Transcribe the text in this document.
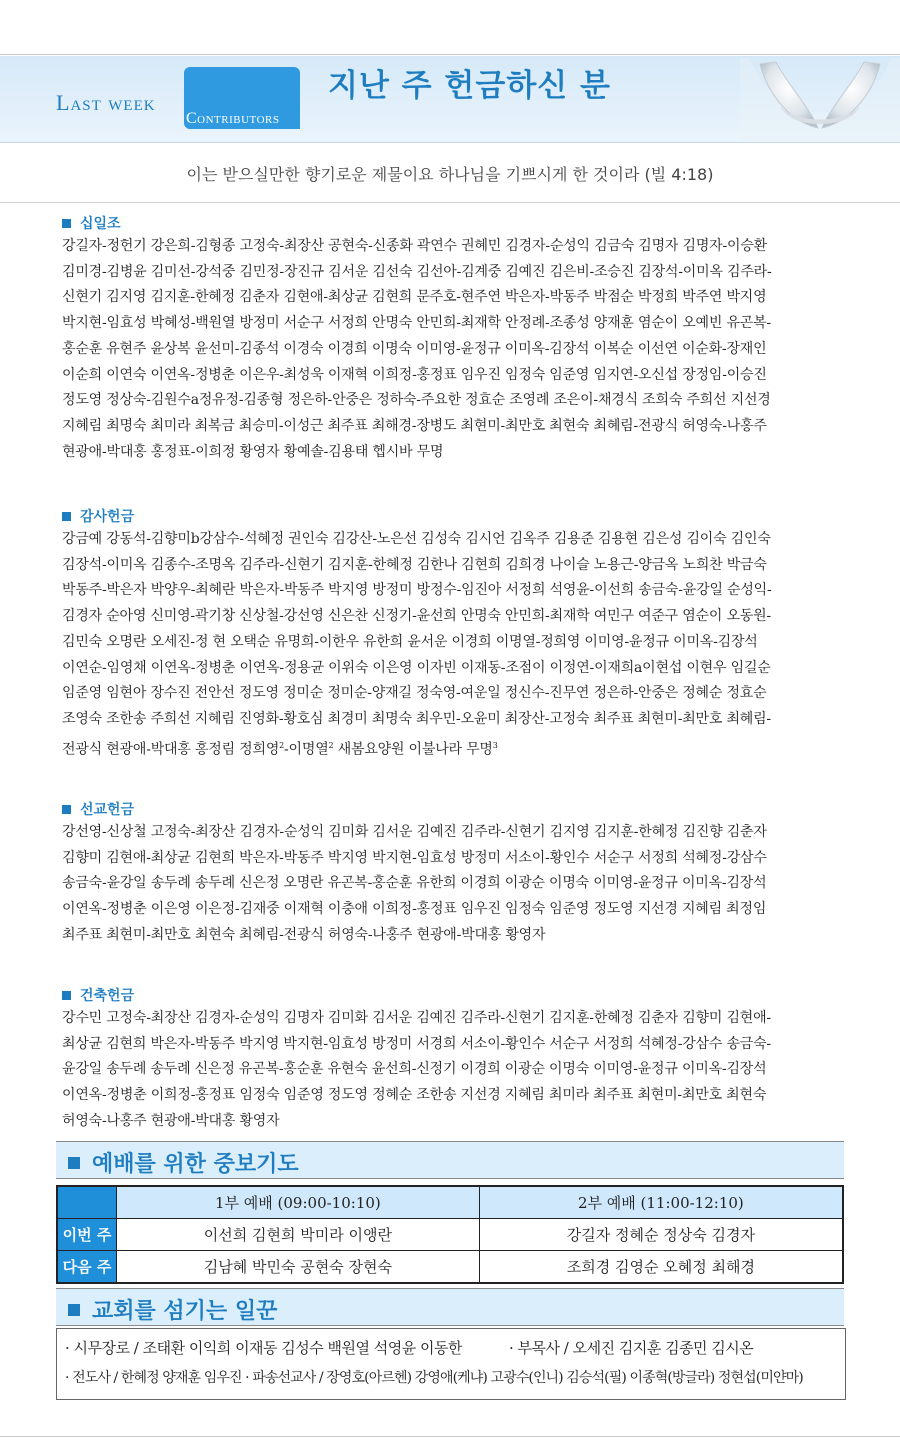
Last week
Contributors
지난 주 헌금하신 분
이는 받으실만한 향기로운 제물이요 하나님을 기쁘시게 한 것이라 (빌 4:18)
십일조

강길자-정헌기 강은희-김형종 고정숙-최장산 공현숙-신종화 곽연수 권혜민 김경자-순성익 김금숙 김명자 김명자-이승환

김미경-김병윤 김미선-강석중 김민정-장진규 김서운 김선숙 김선아-김계중 김예진 김은비-조승진 김장석-이미옥 김주라-

신현기 김지영 김지훈-한혜정 김춘자 김현애-최상균 김현희 문주호-현주연 박은자-박동주 박점순 박정희 박주연 박지영

박지현-임효성 박혜성-백원열 방정미 서순구 서정희 안명숙 안민희-최재학 안정례-조종성 양재훈 염순이 오예빈 유곤복-

홍순훈 유현주 윤상복 윤선미-김종석 이경숙 이경희 이명숙 이미영-윤정규 이미옥-김장석 이복순 이선연 이순화-장재인

이순희 이연숙 이연옥-정병춘 이은우-최성욱 이재혁 이희정-홍정표 임우진 임정숙 임준영 임지연-오신섭 장정임-이승진

정도영 정상숙-김원수a정유정-김종형 정은하-안중은 정하숙-주요한 정효순 조영례 조은이-채경식 조희숙 주희선 지선경

지혜림 최명숙 최미라 최복금 최승미-이성근 최주표 최해경-장병도 최현미-최만호 최현숙 최혜림-전광식 허영숙-나홍주

현광애-박대홍 홍정표-이희정 황영자 황예솔-김용태 헵시바 무명

감사헌금

강금예 강동석-김향미b강삼수-석혜정 권인숙 김강산-노은선 김성숙 김시언 김옥주 김용준 김용현 김은성 김이숙 김인숙

김장석-이미옥 김종수-조명옥 김주라-신현기 김지훈-한혜정 김한나 김현희 김희경 나이슬 노용근-양금옥 노희찬 박금숙

박동주-박은자 박양우-최혜란 박은자-박동주 박지영 방정미 방정수-임진아 서정희 석영윤-이선희 송금숙-윤강일 순성익-

김경자 순아영 신미영-곽기창 신상철-강선영 신은찬 신정기-윤선희 안명숙 안민희-최재학 여민구 여준구 염순이 오동원-

김민숙 오명란 오세진-정 현 오택순 유명희-이한우 유한희 윤서운 이경희 이명열-정희영 이미영-윤정규 이미옥-김장석

이연순-임영채 이연옥-정병춘 이연옥-정용균 이위숙 이은영 이자빈 이재동-조점이 이정연-이재희a이현섭 이현우 임길순

임준영 임현아 장수진 전안선 정도영 정미순 정미순-양재길 정숙영-여운일 정신수-진무연 정은하-안중은 정혜순 정효순

조영숙 조한송 주희선 지혜림 진영화-황호심 최경미 최명숙 최우민-오윤미 최장산-고정숙 최주표 최현미-최만호 최혜림-

전광식 현광애-박대홍 홍정림 정희영$^2$-이명열$^2$ 새봄요양원 이불나라 무명$^3$

선교헌금

강선영-신상철 고정숙-최장산 김경자-순성익 김미화 김서운 김예진 김주라-신현기 김지영 김지훈-한혜정 김진향 김춘자

김향미 김현애-최상균 김현희 박은자-박동주 박지영 박지현-임효성 방정미 서소이-황인수 서순구 서정희 석혜정-강삼수

송금숙-윤강일 송두례 송두례 신은정 오명란 유곤복-홍순훈 유한희 이경희 이광순 이명숙 이미영-윤정규 이미옥-김장석

이연옥-정병춘 이은영 이은정-김재중 이재혁 이충애 이희정-홍정표 임우진 임정숙 임준영 정도영 지선경 지혜림 최정임

최주표 최현미-최만호 최현숙 최혜림-전광식 허영숙-나홍주 현광애-박대홍 황영자

건축헌금

강수민 고정숙-최장산 김경자-순성익 김명자 김미화 김서운 김예진 김주라-신현기 김지훈-한혜정 김춘자 김향미 김현애-

최상균 김현희 박은자-박동주 박지영 박지현-임효성 방정미 서경희 서소이-황인수 서순구 서정희 석혜정-강삼수 송금숙-

윤강일 송두례 송두례 신은정 유곤복-홍순훈 유현숙 윤선희-신정기 이경희 이광순 이명숙 이미영-윤정규 이미옥-김장석

이연옥-정병춘 이희정-홍정표 임정숙 임준영 정도영 정혜순 조한송 지선경 지혜림 최미라 최주표 최현미-최만호 최현숙

허영숙-나홍주 현광애-박대홍 황영자

예배를 위한 중보기도
	1부 예배 (09:00-10:10)	2부 예배 (11:00-12:10)
이번 주	이선희 김현희 박미라 이앵란	강길자 정혜순 정상숙 김경자
다음 주	김남혜 박민숙 공현숙 장현숙	조희경 김영순 오혜정 최해경
교회를 섬기는 일꾼
· 시무장로 / 조태환 이익희 이재동 김성수 백원열 석영윤 이동한	· 부목사 / 오세진 김지훈 김종민 김시온
· 전도사 / 한혜정 양재훈 임우진 · 파송선교사 / 장영호(아르헨) 강영애(케냐) 고광수(인니) 김승석(필) 이종혁(방글라) 정현섭(미얀마)
